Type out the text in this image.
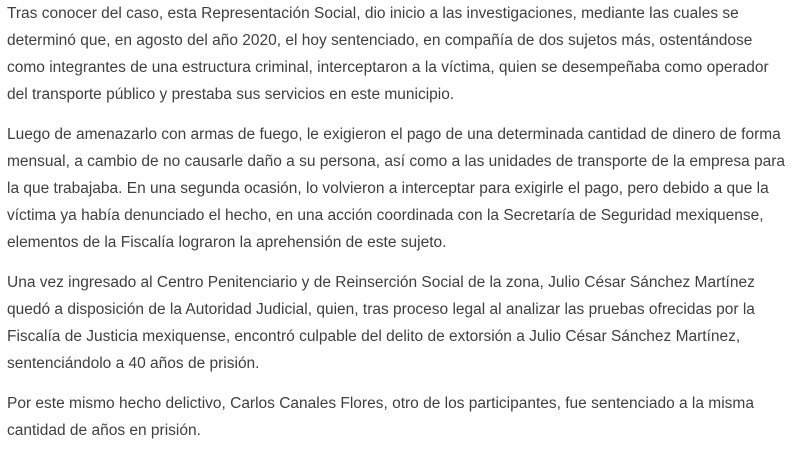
Tras conocer del caso, esta Representación Social, dio inicio a las investigaciones, mediante las cuales se
determinó que, en agosto del año 2020, el hoy sentenciado, en compañía de dos sujetos más, ostentándose
como integrantes de una estructura criminal, interceptaron a la víctima, quien se desempeñaba como operador
del transporte público y prestaba sus servicios en este municipio.

Luego de amenazarlo con armas de fuego, le exigieron el pago de una determinada cantidad de dinero de forma
mensual, a cambio de no causarle daño a su persona, así como a las unidades de transporte de la empresa para
la que trabajaba. En una segunda ocasión, lo volvieron a interceptar para exigirle el pago, pero debido a que la
víctima ya había denunciado el hecho, en una acción coordinada con la Secretaría de Seguridad mexiquense,
elementos de la Fiscalía lograron la aprehensión de este sujeto.

Una vez ingresado al Centro Penitenciario y de Reinserción Social de la zona, Julio César Sánchez Martínez
quedó a disposición de la Autoridad Judicial, quien, tras proceso legal al analizar las pruebas ofrecidas por la
Fiscalía de Justicia mexiquense, encontró culpable del delito de extorsión a Julio César Sánchez Martínez,
sentenciándolo a 40 años de prisión.

Por este mismo hecho delictivo, Carlos Canales Flores, otro de los participantes, fue sentenciado a la misma
cantidad de años en prisión.
